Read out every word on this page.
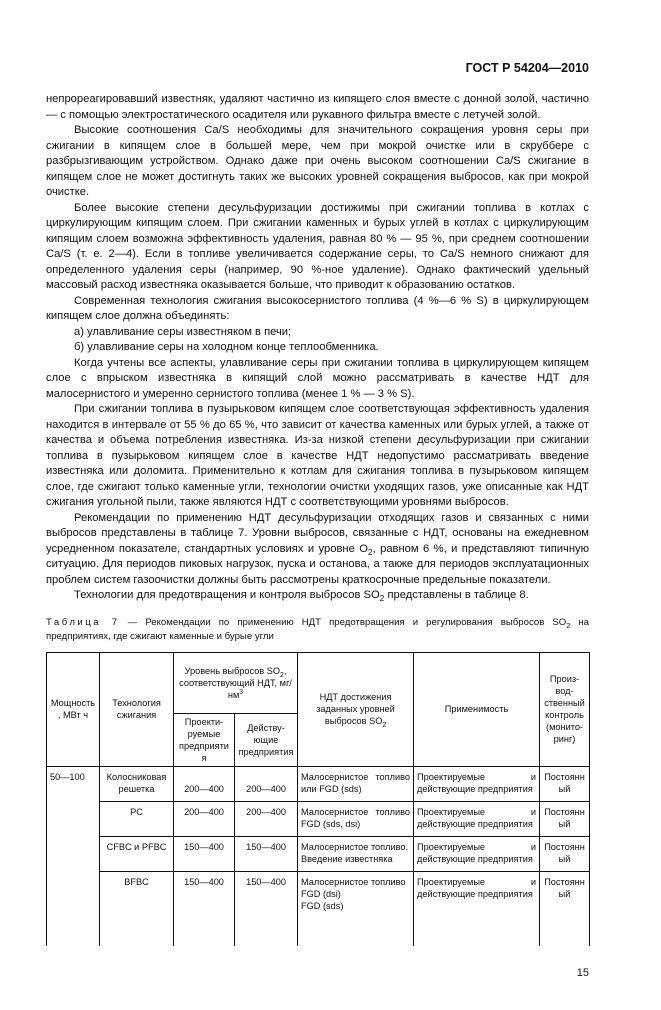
ГОСТ Р 54204—2010

непрореагировавший известняк, удаляют частично из кипящего слоя вместе с донной золой, частично — с помощью электростатического осадителя или рукавного фильтра вместе с летучей золой.

Высокие соотношения Ca/S необходимы для значительного сокращения уровня серы при сжигании в кипящем слое в большей мере, чем при мокрой очистке или в скруббере с разбрызгивающим устройством. Однако даже при очень высоком соотношении Ca/S сжигание в кипящем слое не может достигнуть таких же высоких уровней сокращения выбросов, как при мокрой очистке.

Более высокие степени десульфуризации достижимы при сжигании топлива в котлах с циркулирующим кипящим слоем. При сжигании каменных и бурых углей в котлах с циркулирующим кипящим слоем возможна эффективность удаления, равная 80 % — 95 %, при среднем соотношении Ca/S (т. е. 2—4). Если в топливе увеличивается содержание серы, то Ca/S немного снижают для определенного удаления серы (например, 90 %-ное удаление). Однако фактический удельный массовый расход известняка оказывается больше, что приводит к образованию остатков.

Современная технология сжигания высокосернистого топлива (4 %—6 % S) в циркулирующем кипящем слое должна объединять:

а) улавливание серы известняком в печи;

б) улавливание серы на холодном конце теплообменника.

Когда учтены все аспекты, улавливание серы при сжигании топлива в циркулирующем кипящем слое с впрыском известняка в кипящий слой можно рассматривать в качестве НДТ для малосернистого и умеренно сернистого топлива (менее 1 % — 3 % S).

При сжигании топлива в пузырьковом кипящем слое соответствующая эффективность удаления находится в интервале от 55 % до 65 %, что зависит от качества каменных или бурых углей, а также от качества и объема потребления известняка. Из-за низкой степени десульфуризации при сжигании топлива в пузырьковом кипящем слое в качестве НДТ недопустимо рассматривать введение известняка или доломита. Применительно к котлам для сжигания топлива в пузырьковом кипящем слое, где сжигают только каменные угли, технологии очистки уходящих газов, уже описанные как НДТ сжигания угольной пыли, также являются НДТ с соответствующими уровнями выбросов.

Рекомендации по применению НДТ десульфуризации отходящих газов и связанных с ними выбросов представлены в таблице 7. Уровни выбросов, связанные с НДТ, основаны на ежедневном усредненном показателе, стандартных условиях и уровне $O_2$, равном 6 %, и представляют типичную ситуацию. Для периодов пиковых нагрузок, пуска и останова, а также для периодов эксплуатационных проблем систем газоочистки должны быть рассмотрены краткосрочные предельные показатели.

Технологии для предотвращения и контроля выбросов $SO_2$ представлены в таблице 8.

Таблица 7 — Рекомендации по применению НДТ предотвращения и регулирования выбросов $SO_2$ на предприятиях, где сжигают каменные и бурые угли
Мощность, МВт ч	Технология сжигания	Уровень выбросов $SO_2$, соответствующий НДТ, $мг/нм^3$		НДТ достижения заданных уровней выбросов $SO_2$	Применимость	Произ-вод-ственный контроль (монито-ринг)
		Проекти-руемые предприятия	Действу-ющие предприятия			
50—100	Колосниковая решетка	200—400	200—400	Малосернистое топливо или FGD (sds)	Проектируемые и действующие предприятия	Постоянный
	PC	200—400	200—400	Малосернистое топливо FGD (sds, dsi)	Проектируемые и действующие предприятия	Постоянный
	CFBC и PFBC	150—400	150—400	Малосернистое топливо.
Введение известняка	Проектируемые и действующие предприятия	Постоянный
	BFBC	150—400	150—400	Малосернистое топливо
FGD (dsi)
FGD (sds)	Проектируемые и действующие предприятия	Постоянный
15
